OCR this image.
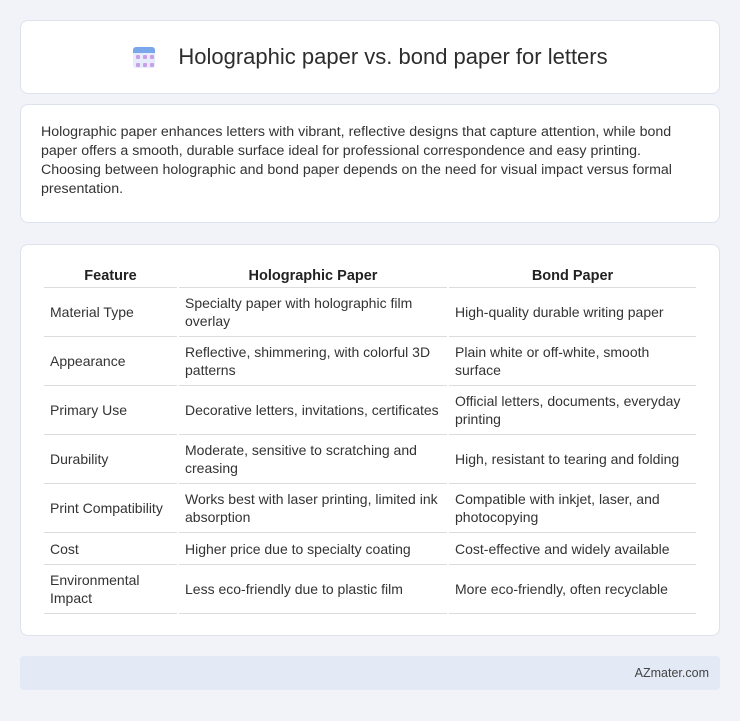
Holographic paper vs. bond paper for letters

Holographic paper enhances letters with vibrant, reflective designs that capture attention, while bond paper offers a smooth, durable surface ideal for professional correspondence and easy printing. Choosing between holographic and bond paper depends on the need for visual impact versus formal presentation.

Feature	Holographic Paper	Bond Paper
Material Type	Specialty paper with holographic film overlay	High-quality durable writing paper
Appearance	Reflective, shimmering, with colorful 3D patterns	Plain white or off-white, smooth surface
Primary Use	Decorative letters, invitations, certificates	Official letters, documents, everyday printing
Durability	Moderate, sensitive to scratching and creasing	High, resistant to tearing and folding
Print Compatibility	Works best with laser printing, limited ink absorption	Compatible with inkjet, laser, and photocopying
Cost	Higher price due to specialty coating	Cost-effective and widely available
Environmental Impact	Less eco-friendly due to plastic film	More eco-friendly, often recyclable
AZmater.com
